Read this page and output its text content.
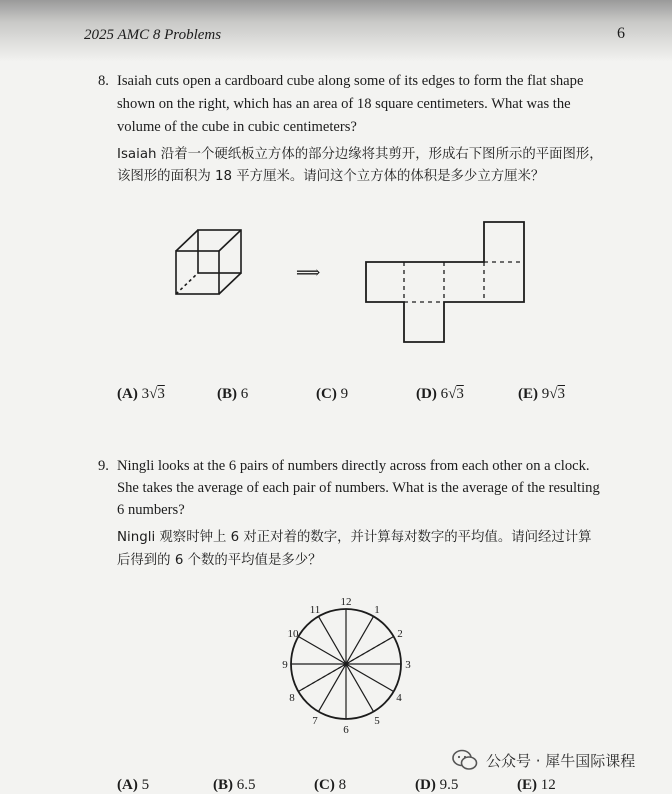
2025 AMC 8 Problems	6
8. Isaiah cuts open a cardboard cube along some of its edges to form the flat shape
shown on the right, which has an area of 18 square centimeters. What was the
volume of the cube in cubic centimeters?
Isaiah 沿着一个硬纸板立方体的部分边缘将其剪开，形成右下图所示的平面图形，
该图形的面积为 18 平方厘米。请问这个立方体的体积是多少立方厘米？
12
1
2
3
4
5
6
7
8
9
10
11
⟹
(A) 3√3	(B) 6	(C) 9	(D) 6√3	(E) 9√3
9. Ningli looks at the 6 pairs of numbers directly across from each other on a clock.
She takes the average of each pair of numbers. What is the average of the resulting
6 numbers?
Ningli 观察时钟上 6 对正对着的数字，并计算每对数字的平均值。请问经过计算
后得到的 6 个数的平均值是多少？
(A) 5	(B) 6.5	(C) 8	(D) 9.5	(E) 12
公众号 · 犀牛国际课程
